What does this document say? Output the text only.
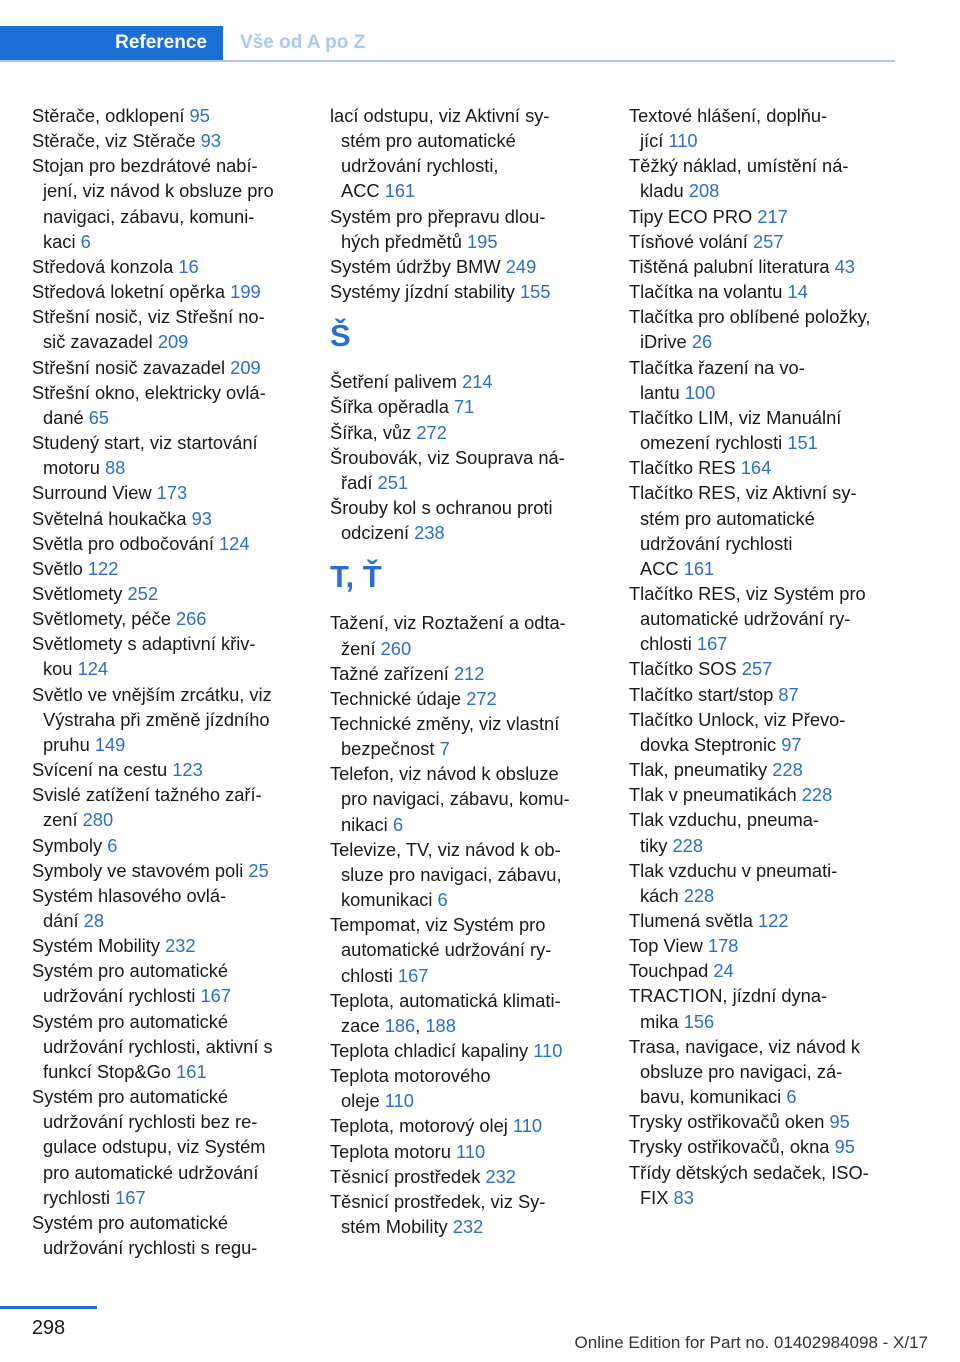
Reference	Vše od A po Z
Stěrače, odklopení 95
Stěrače, viz Stěrače 93
Stojan pro bezdrátové nabí-
jení, viz návod k obsluze pro
navigaci, zábavu, komuni-
kaci 6
Středová konzola 16
Středová loketní opěrka 199
Střešní nosič, viz Střešní no-
sič zavazadel 209
Střešní nosič zavazadel 209
Střešní okno, elektricky ovlá-
dané 65
Studený start, viz startování
motoru 88
Surround View 173
Světelná houkačka 93
Světla pro odbočování 124
Světlo 122
Světlomety 252
Světlomety, péče 266
Světlomety s adaptivní křiv-
kou 124
Světlo ve vnějším zrcátku, viz
Výstraha při změně jízdního
pruhu 149
Svícení na cestu 123
Svislé zatížení tažného zaří-
zení 280
Symboly 6
Symboly ve stavovém poli 25
Systém hlasového ovlá-
dání 28
Systém Mobility 232
Systém pro automatické
udržování rychlosti 167
Systém pro automatické
udržování rychlosti, aktivní s
funkcí Stop&Go 161
Systém pro automatické
udržování rychlosti bez re-
gulace odstupu, viz Systém
pro automatické udržování
rychlosti 167
Systém pro automatické
udržování rychlosti s regu-
lací odstupu, viz Aktivní sy-
stém pro automatické
udržování rychlosti,
ACC 161
Systém pro přepravu dlou-
hých předmětů 195
Systém údržby BMW 249
Systémy jízdní stability 155
Š
Šetření palivem 214
Šířka opěradla 71
Šířka, vůz 272
Šroubovák, viz Souprava ná-
řadí 251
Šrouby kol s ochranou proti
odcizení 238
T, Ť
Tažení, viz Roztažení a odta-
žení 260
Tažné zařízení 212
Technické údaje 272
Technické změny, viz vlastní
bezpečnost 7
Telefon, viz návod k obsluze
pro navigaci, zábavu, komu-
nikaci 6
Televize, TV, viz návod k ob-
sluze pro navigaci, zábavu,
komunikaci 6
Tempomat, viz Systém pro
automatické udržování ry-
chlosti 167
Teplota, automatická klimati-
zace 186, 188
Teplota chladicí kapaliny 110
Teplota motorového
oleje 110
Teplota, motorový olej 110
Teplota motoru 110
Těsnicí prostředek 232
Těsnicí prostředek, viz Sy-
stém Mobility 232
Textové hlášení, doplňu-
jící 110
Těžký náklad, umístění ná-
kladu 208
Tipy ECO PRO 217
Tísňové volání 257
Tištěná palubní literatura 43
Tlačítka na volantu 14
Tlačítka pro oblíbené položky,
iDrive 26
Tlačítka řazení na vo-
lantu 100
Tlačítko LIM, viz Manuální
omezení rychlosti 151
Tlačítko RES 164
Tlačítko RES, viz Aktivní sy-
stém pro automatické
udržování rychlosti
ACC 161
Tlačítko RES, viz Systém pro
automatické udržování ry-
chlosti 167
Tlačítko SOS 257
Tlačítko start/stop 87
Tlačítko Unlock, viz Převo-
dovka Steptronic 97
Tlak, pneumatiky 228
Tlak v pneumatikách 228
Tlak vzduchu, pneuma-
tiky 228
Tlak vzduchu v pneumati-
kách 228
Tlumená světla 122
Top View 178
Touchpad 24
TRACTION, jízdní dyna-
mika 156
Trasa, navigace, viz návod k
obsluze pro navigaci, zá-
bavu, komunikaci 6
Trysky ostřikovačů oken 95
Trysky ostřikovačů, okna 95
Třídy dětských sedaček, ISO-
FIX 83
298
Online Edition for Part no. 01402984098 - X/17
